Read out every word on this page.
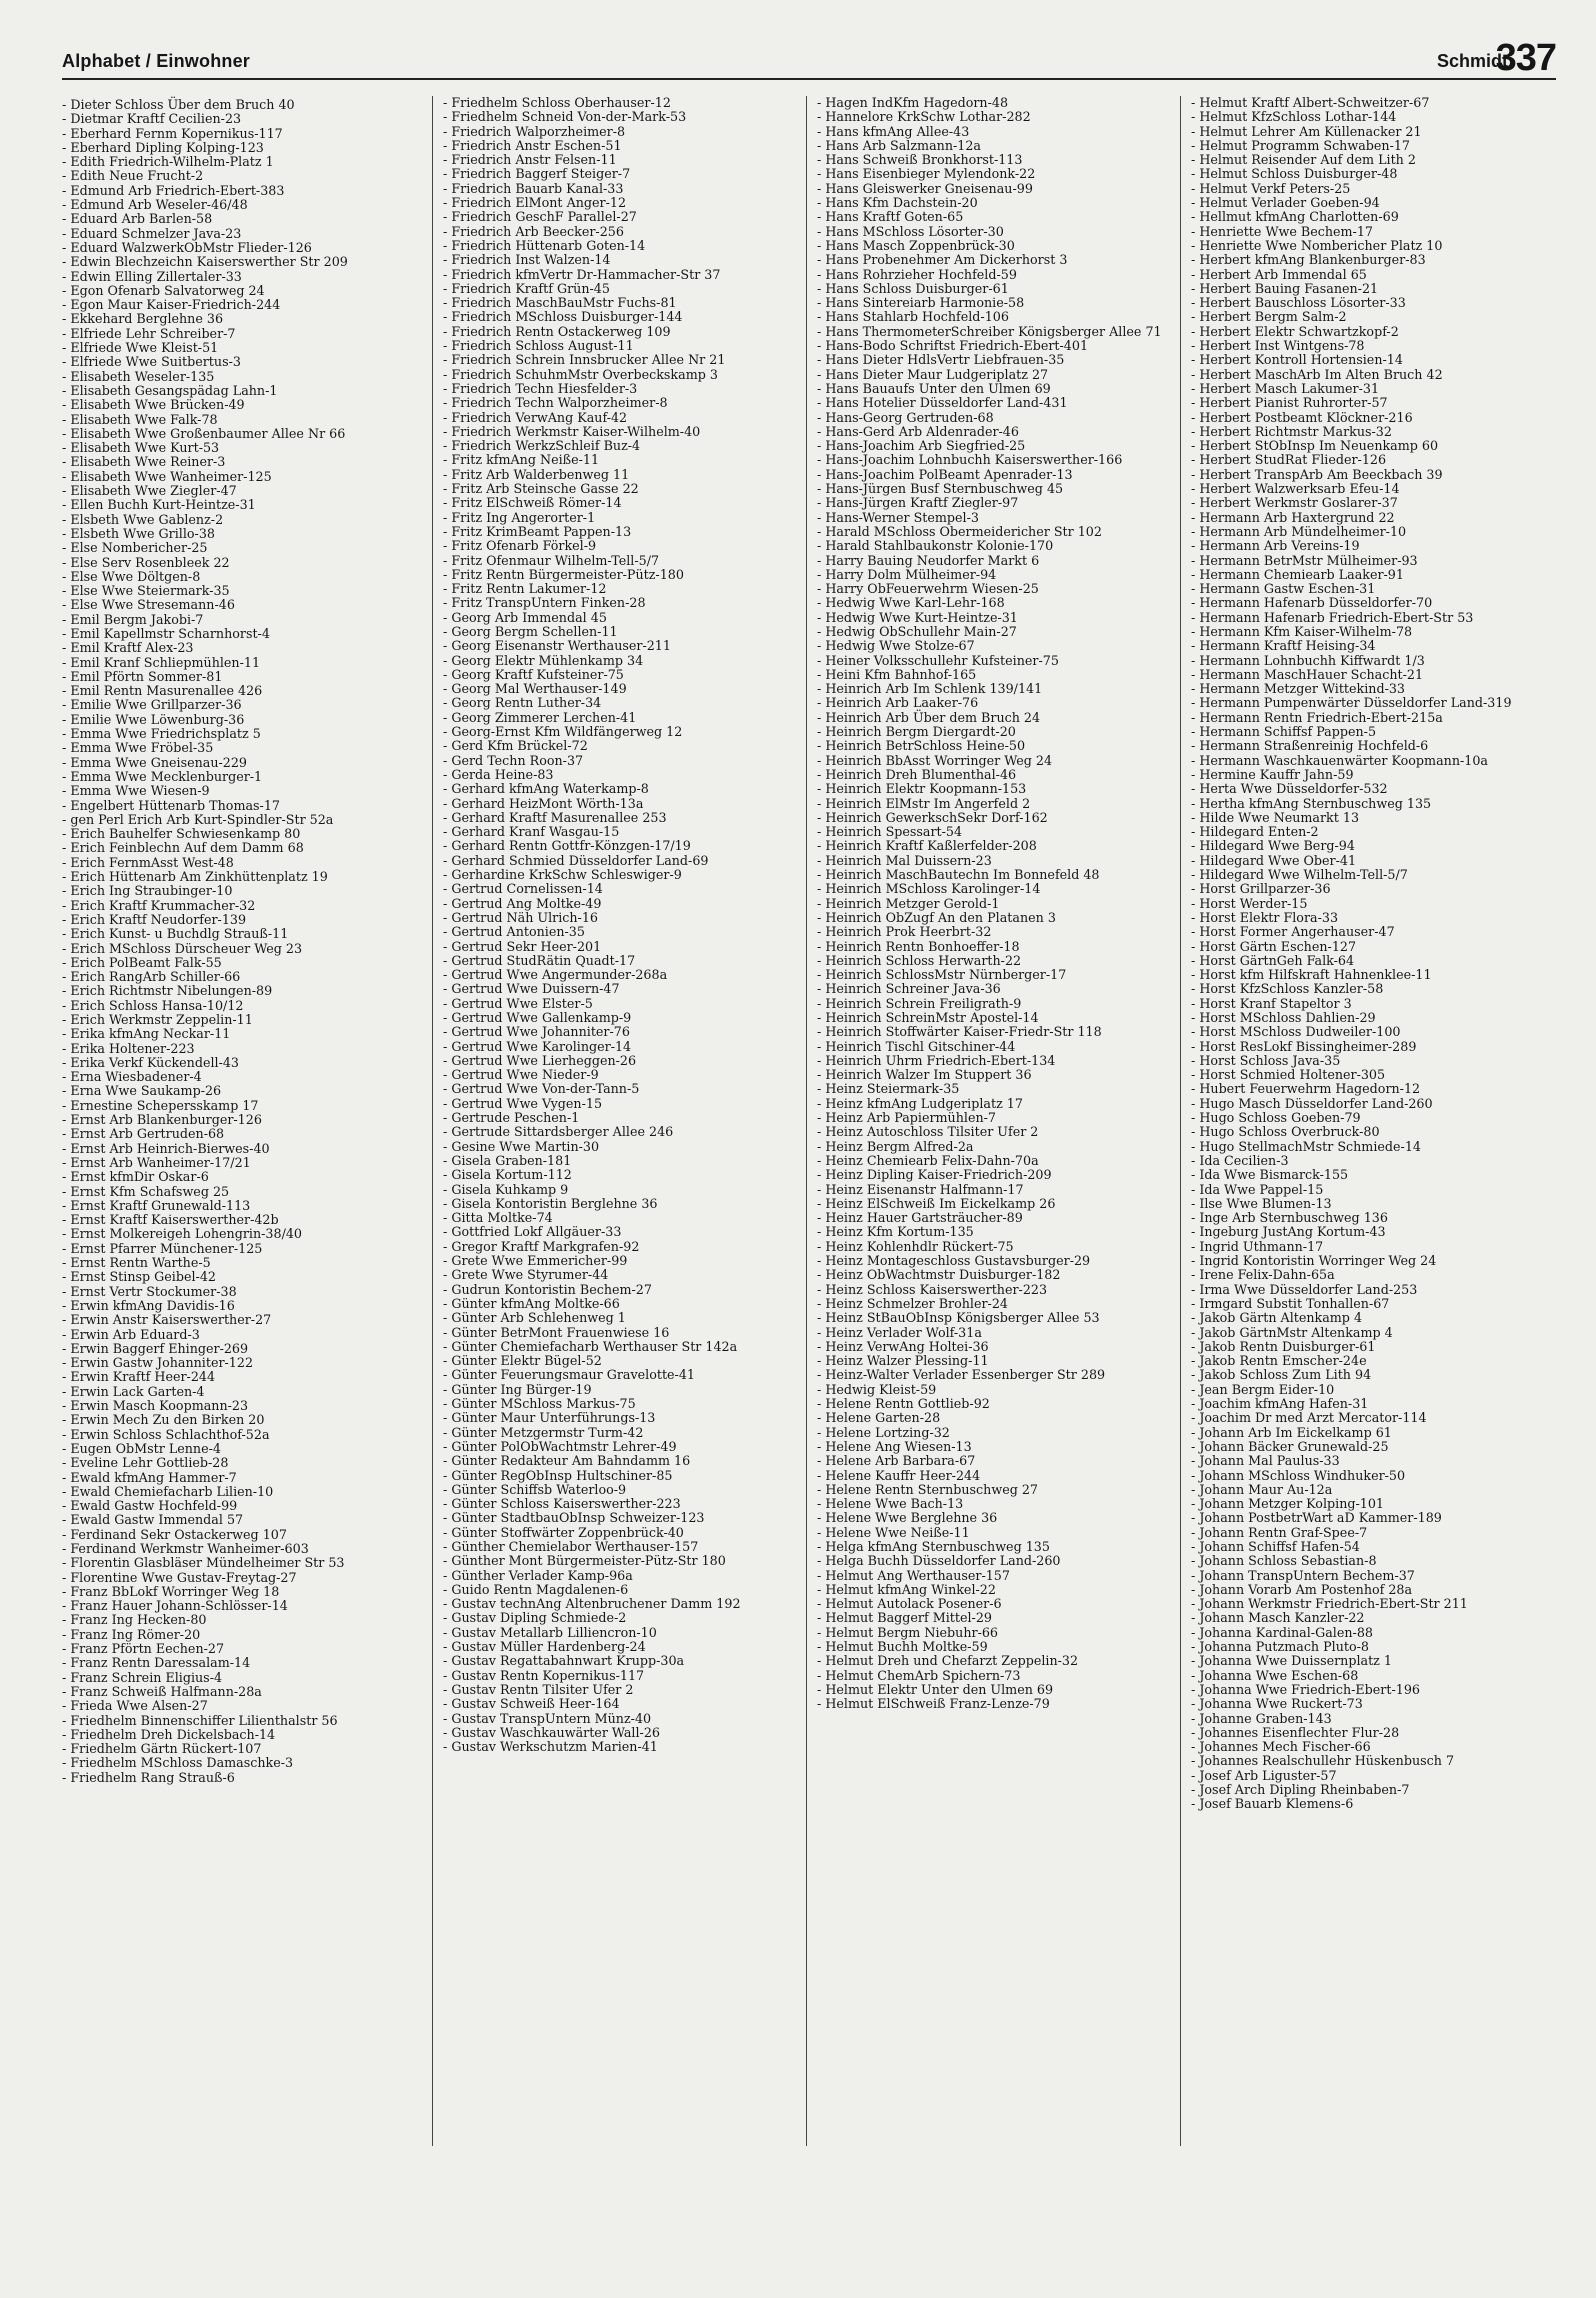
Alphabet / Einwohner	Schmidt
337
- Dieter Schloss Über dem Bruch 40
- Dietmar Kraftf Cecilien-23
- Eberhard Fernm Kopernikus-117
- Eberhard Dipling Kolping-123
- Edith Friedrich-Wilhelm-Platz 1
- Edith Neue Frucht-2
- Edmund Arb Friedrich-Ebert-383
- Edmund Arb Weseler-46/48
- Eduard Arb Barlen-58
- Eduard Schmelzer Java-23
- Eduard WalzwerkObMstr Flieder-126
- Edwin Blechzeichn Kaiserswerther Str 209
- Edwin Elling Zillertaler-33
- Egon Ofenarb Salvatorweg 24
- Egon Maur Kaiser-Friedrich-244
- Ekkehard Berglehne 36
- Elfriede Lehr Schreiber-7
- Elfriede Wwe Kleist-51
- Elfriede Wwe Suitbertus-3
- Elisabeth Weseler-135
- Elisabeth Gesangspädag Lahn-1
- Elisabeth Wwe Brücken-49
- Elisabeth Wwe Falk-78
- Elisabeth Wwe Großenbaumer Allee Nr 66
- Elisabeth Wwe Kurt-53
- Elisabeth Wwe Reiner-3
- Elisabeth Wwe Wanheimer-125
- Elisabeth Wwe Ziegler-47
- Ellen Buchh Kurt-Heintze-31
- Elsbeth Wwe Gablenz-2
- Elsbeth Wwe Grillo-38
- Else Nombericher-25
- Else Serv Rosenbleek 22
- Else Wwe Döltgen-8
- Else Wwe Steiermark-35
- Else Wwe Stresemann-46
- Emil Bergm Jakobi-7
- Emil Kapellmstr Scharnhorst-4
- Emil Kraftf Alex-23
- Emil Kranf Schliepmühlen-11
- Emil Pförtn Sommer-81
- Emil Rentn Masurenallee 426
- Emilie Wwe Grillparzer-36
- Emilie Wwe Löwenburg-36
- Emma Wwe Friedrichsplatz 5
- Emma Wwe Fröbel-35
- Emma Wwe Gneisenau-229
- Emma Wwe Mecklenburger-1
- Emma Wwe Wiesen-9
- Engelbert Hüttenarb Thomas-17
- gen Perl Erich Arb Kurt-Spindler-Str 52a
- Erich Bauhelfer Schwiesenkamp 80
- Erich Feinblechn Auf dem Damm 68
- Erich FernmAsst West-48
- Erich Hüttenarb Am Zinkhüttenplatz 19
- Erich Ing Straubinger-10
- Erich Kraftf Krummacher-32
- Erich Kraftf Neudorfer-139
- Erich Kunst- u Buchdlg Strauß-11
- Erich MSchloss Dürscheuer Weg 23
- Erich PolBeamt Falk-55
- Erich RangArb Schiller-66
- Erich Richtmstr Nibelungen-89
- Erich Schloss Hansa-10/12
- Erich Werkmstr Zeppelin-11
- Erika kfmAng Neckar-11
- Erika Holtener-223
- Erika Verkf Kückendell-43
- Erna Wiesbadener-4
- Erna Wwe Saukamp-26
- Ernestine Schepersskamp 17
- Ernst Arb Blankenburger-126
- Ernst Arb Gertruden-68
- Ernst Arb Heinrich-Bierwes-40
- Ernst Arb Wanheimer-17/21
- Ernst kfmDir Oskar-6
- Ernst Kfm Schafsweg 25
- Ernst Kraftf Grunewald-113
- Ernst Kraftf Kaiserswerther-42b
- Ernst Molkereigeh Lohengrin-38/40
- Ernst Pfarrer Münchener-125
- Ernst Rentn Warthe-5
- Ernst Stinsp Geibel-42
- Ernst Vertr Stockumer-38
- Erwin kfmAng Davidis-16
- Erwin Anstr Kaiserswerther-27
- Erwin Arb Eduard-3
- Erwin Baggerf Ehinger-269
- Erwin Gastw Johanniter-122
- Erwin Kraftf Heer-244
- Erwin Lack Garten-4
- Erwin Masch Koopmann-23
- Erwin Mech Zu den Birken 20
- Erwin Schloss Schlachthof-52a
- Eugen ObMstr Lenne-4
- Eveline Lehr Gottlieb-28
- Ewald kfmAng Hammer-7
- Ewald Chemiefacharb Lilien-10
- Ewald Gastw Hochfeld-99
- Ewald Gastw Immendal 57
- Ferdinand Sekr Ostackerweg 107
- Ferdinand Werkmstr Wanheimer-603
- Florentin Glasbläser Mündelheimer Str 53
- Florentine Wwe Gustav-Freytag-27
- Franz BbLokf Worringer Weg 18
- Franz Hauer Johann-Schlösser-14
- Franz Ing Hecken-80
- Franz Ing Römer-20
- Franz Pförtn Eechen-27
- Franz Rentn Daressalam-14
- Franz Schrein Eligius-4
- Franz Schweiß Halfmann-28a
- Frieda Wwe Alsen-27
- Friedhelm Binnenschiffer Lilienthalstr 56
- Friedhelm Dreh Dickelsbach-14
- Friedhelm Gärtn Rückert-107
- Friedhelm MSchloss Damaschke-3
- Friedhelm Rang Strauß-6
- Friedhelm Schloss Oberhauser-12
- Friedhelm Schneid Von-der-Mark-53
- Friedrich Walporzheimer-8
- Friedrich Anstr Eschen-51
- Friedrich Anstr Felsen-11
- Friedrich Baggerf Steiger-7
- Friedrich Bauarb Kanal-33
- Friedrich ElMont Anger-12
- Friedrich GeschF Parallel-27
- Friedrich Arb Beecker-256
- Friedrich Hüttenarb Goten-14
- Friedrich Inst Walzen-14
- Friedrich kfmVertr Dr-Hammacher-Str 37
- Friedrich Kraftf Grün-45
- Friedrich MaschBauMstr Fuchs-81
- Friedrich MSchloss Duisburger-144
- Friedrich Rentn Ostackerweg 109
- Friedrich Schloss August-11
- Friedrich Schrein Innsbrucker Allee Nr 21
- Friedrich SchuhmMstr Overbeckskamp 3
- Friedrich Techn Hiesfelder-3
- Friedrich Techn Walporzheimer-8
- Friedrich VerwAng Kauf-42
- Friedrich Werkmstr Kaiser-Wilhelm-40
- Friedrich WerkzSchleif Buz-4
- Fritz kfmAng Neiße-11
- Fritz Arb Walderbenweg 11
- Fritz Arb Steinsche Gasse 22
- Fritz ElSchweiß Römer-14
- Fritz Ing Angerorter-1
- Fritz KrimBeamt Pappen-13
- Fritz Ofenarb Förkel-9
- Fritz Ofenmaur Wilhelm-Tell-5/7
- Fritz Rentn Bürgermeister-Pütz-180
- Fritz Rentn Lakumer-12
- Fritz TranspUntern Finken-28
- Georg Arb Immendal 45
- Georg Bergm Schellen-11
- Georg Eisenanstr Werthauser-211
- Georg Elektr Mühlenkamp 34
- Georg Kraftf Kufsteiner-75
- Georg Mal Werthauser-149
- Georg Rentn Luther-34
- Georg Zimmerer Lerchen-41
- Georg-Ernst Kfm Wildfängerweg 12
- Gerd Kfm Brückel-72
- Gerd Techn Roon-37
- Gerda Heine-83
- Gerhard kfmAng Waterkamp-8
- Gerhard HeizMont Wörth-13a
- Gerhard Kraftf Masurenallee 253
- Gerhard Kranf Wasgau-15
- Gerhard Rentn Gottfr-Könzgen-17/19
- Gerhard Schmied Düsseldorfer Land-69
- Gerhardine KrkSchw Schleswiger-9
- Gertrud Cornelissen-14
- Gertrud Ang Moltke-49
- Gertrud Näh Ulrich-16
- Gertrud Antonien-35
- Gertrud Sekr Heer-201
- Gertrud StudRätin Quadt-17
- Gertrud Wwe Angermunder-268a
- Gertrud Wwe Duissern-47
- Gertrud Wwe Elster-5
- Gertrud Wwe Gallenkamp-9
- Gertrud Wwe Johanniter-76
- Gertrud Wwe Karolinger-14
- Gertrud Wwe Lierheggen-26
- Gertrud Wwe Nieder-9
- Gertrud Wwe Von-der-Tann-5
- Gertrud Wwe Vygen-15
- Gertrude Peschen-1
- Gertrude Sittardsberger Allee 246
- Gesine Wwe Martin-30
- Gisela Graben-181
- Gisela Kortum-112
- Gisela Kuhkamp 9
- Gisela Kontoristin Berglehne 36
- Gitta Moltke-74
- Gottfried Lokf Allgäuer-33
- Gregor Kraftf Markgrafen-92
- Grete Wwe Emmericher-99
- Grete Wwe Styrumer-44
- Gudrun Kontoristin Bechem-27
- Günter kfmAng Moltke-66
- Günter Arb Schlehenweg 1
- Günter BetrMont Frauenwiese 16
- Günter Chemiefacharb Werthauser Str 142a
- Günter Elektr Bügel-52
- Günter Feuerungsmaur Gravelotte-41
- Günter Ing Bürger-19
- Günter MSchloss Markus-75
- Günter Maur Unterführungs-13
- Günter Metzgermstr Turm-42
- Günter PolObWachtmstr Lehrer-49
- Günter Redakteur Am Bahndamm 16
- Günter RegObInsp Hultschiner-85
- Günter Schiffsb Waterloo-9
- Günter Schloss Kaiserswerther-223
- Günter StadtbauObInsp Schweizer-123
- Günter Stoffwärter Zoppenbrück-40
- Günther Chemielabor Werthauser-157
- Günther Mont Bürgermeister-Pütz-Str 180
- Günther Verlader Kamp-96a
- Guido Rentn Magdalenen-6
- Gustav technAng Altenbruchener Damm 192
- Gustav Dipling Schmiede-2
- Gustav Metallarb Lilliencron-10
- Gustav Müller Hardenberg-24
- Gustav Regattabahnwart Krupp-30a
- Gustav Rentn Kopernikus-117
- Gustav Rentn Tilsiter Ufer 2
- Gustav Schweiß Heer-164
- Gustav TranspUntern Münz-40
- Gustav Waschkauwärter Wall-26
- Gustav Werkschutzm Marien-41
- Hagen IndKfm Hagedorn-48
- Hannelore KrkSchw Lothar-282
- Hans kfmAng Allee-43
- Hans Arb Salzmann-12a
- Hans Schweiß Bronkhorst-113
- Hans Eisenbieger Mylendonk-22
- Hans Gleiswerker Gneisenau-99
- Hans Kfm Dachstein-20
- Hans Kraftf Goten-65
- Hans MSchloss Lösorter-30
- Hans Masch Zoppenbrück-30
- Hans Probenehmer Am Dickerhorst 3
- Hans Rohrzieher Hochfeld-59
- Hans Schloss Duisburger-61
- Hans Sintereiarb Harmonie-58
- Hans Stahlarb Hochfeld-106
- Hans ThermometerSchreiber Königsberger Allee 71
- Hans-Bodo Schriftst Friedrich-Ebert-401
- Hans Dieter HdlsVertr Liebfrauen-35
- Hans Dieter Maur Ludgeriplatz 27
- Hans Bauaufs Unter den Ulmen 69
- Hans Hotelier Düsseldorfer Land-431
- Hans-Georg Gertruden-68
- Hans-Gerd Arb Aldenrader-46
- Hans-Joachim Arb Siegfried-25
- Hans-Joachim Lohnbuchh Kaiserswerther-166
- Hans-Joachim PolBeamt Apenrader-13
- Hans-Jürgen Busf Sternbuschweg 45
- Hans-Jürgen Kraftf Ziegler-97
- Hans-Werner Stempel-3
- Harald MSchloss Obermeidericher Str 102
- Harald Stahlbaukonstr Kolonie-170
- Harry Bauing Neudorfer Markt 6
- Harry Dolm Mülheimer-94
- Harry ObFeuerwehrm Wiesen-25
- Hedwig Wwe Karl-Lehr-168
- Hedwig Wwe Kurt-Heintze-31
- Hedwig ObSchullehr Main-27
- Hedwig Wwe Stolze-67
- Heiner Volksschullehr Kufsteiner-75
- Heini Kfm Bahnhof-165
- Heinrich Arb Im Schlenk 139/141
- Heinrich Arb Laaker-76
- Heinrich Arb Über dem Bruch 24
- Heinrich Bergm Diergardt-20
- Heinrich BetrSchloss Heine-50
- Heinrich BbAsst Worringer Weg 24
- Heinrich Dreh Blumenthal-46
- Heinrich Elektr Koopmann-153
- Heinrich ElMstr Im Angerfeld 2
- Heinrich GewerkschSekr Dorf-162
- Heinrich Spessart-54
- Heinrich Kraftf Kaßlerfelder-208
- Heinrich Mal Duissern-23
- Heinrich MaschBautechn Im Bonnefeld 48
- Heinrich MSchloss Karolinger-14
- Heinrich Metzger Gerold-1
- Heinrich ObZugf An den Platanen 3
- Heinrich Prok Heerbrt-32
- Heinrich Rentn Bonhoeffer-18
- Heinrich Schloss Herwarth-22
- Heinrich SchlossMstr Nürnberger-17
- Heinrich Schreiner Java-36
- Heinrich Schrein Freiligrath-9
- Heinrich SchreinMstr Apostel-14
- Heinrich Stoffwärter Kaiser-Friedr-Str 118
- Heinrich Tischl Gitschiner-44
- Heinrich Uhrm Friedrich-Ebert-134
- Heinrich Walzer Im Stuppert 36
- Heinz Steiermark-35
- Heinz kfmAng Ludgeriplatz 17
- Heinz Arb Papiermühlen-7
- Heinz Autoschloss Tilsiter Ufer 2
- Heinz Bergm Alfred-2a
- Heinz Chemiearb Felix-Dahn-70a
- Heinz Dipling Kaiser-Friedrich-209
- Heinz Eisenanstr Halfmann-17
- Heinz ElSchweiß Im Eickelkamp 26
- Heinz Hauer Gartsträucher-89
- Heinz Kfm Kortum-135
- Heinz Kohlenhdlr Rückert-75
- Heinz Montageschloss Gustavsburger-29
- Heinz ObWachtmstr Duisburger-182
- Heinz Schloss Kaiserswerther-223
- Heinz Schmelzer Brohler-24
- Heinz StBauObInsp Königsberger Allee 53
- Heinz Verlader Wolf-31a
- Heinz VerwAng Holtei-36
- Heinz Walzer Plessing-11
- Heinz-Walter Verlader Essenberger Str 289
- Hedwig Kleist-59
- Helene Rentn Gottlieb-92
- Helene Garten-28
- Helene Lortzing-32
- Helene Ang Wiesen-13
- Helene Arb Barbara-67
- Helene Kauffr Heer-244
- Helene Rentn Sternbuschweg 27
- Helene Wwe Bach-13
- Helene Wwe Berglehne 36
- Helene Wwe Neiße-11
- Helga kfmAng Sternbuschweg 135
- Helga Buchh Düsseldorfer Land-260
- Helmut Ang Werthauser-157
- Helmut kfmAng Winkel-22
- Helmut Autolack Posener-6
- Helmut Baggerf Mittel-29
- Helmut Bergm Niebuhr-66
- Helmut Buchh Moltke-59
- Helmut Dreh und Chefarzt Zeppelin-32
- Helmut ChemArb Spichern-73
- Helmut Elektr Unter den Ulmen 69
- Helmut ElSchweiß Franz-Lenze-79
- Helmut Kraftf Albert-Schweitzer-67
- Helmut KfzSchloss Lothar-144
- Helmut Lehrer Am Küllenacker 21
- Helmut Programm Schwaben-17
- Helmut Reisender Auf dem Lith 2
- Helmut Schloss Duisburger-48
- Helmut Verkf Peters-25
- Helmut Verlader Goeben-94
- Hellmut kfmAng Charlotten-69
- Henriette Wwe Bechem-17
- Henriette Wwe Nombericher Platz 10
- Herbert kfmAng Blankenburger-83
- Herbert Arb Immendal 65
- Herbert Bauing Fasanen-21
- Herbert Bauschloss Lösorter-33
- Herbert Bergm Salm-2
- Herbert Elektr Schwartzkopf-2
- Herbert Inst Wintgens-78
- Herbert Kontroll Hortensien-14
- Herbert MaschArb Im Alten Bruch 42
- Herbert Masch Lakumer-31
- Herbert Pianist Ruhrorter-57
- Herbert Postbeamt Klöckner-216
- Herbert Richtmstr Markus-32
- Herbert StObInsp Im Neuenkamp 60
- Herbert StudRat Flieder-126
- Herbert TranspArb Am Beeckbach 39
- Herbert Walzwerksarb Efeu-14
- Herbert Werkmstr Goslarer-37
- Hermann Arb Haxtergrund 22
- Hermann Arb Mündelheimer-10
- Hermann Arb Vereins-19
- Hermann BetrMstr Mülheimer-93
- Hermann Chemiearb Laaker-91
- Hermann Gastw Eschen-31
- Hermann Hafenarb Düsseldorfer-70
- Hermann Hafenarb Friedrich-Ebert-Str 53
- Hermann Kfm Kaiser-Wilhelm-78
- Hermann Kraftf Heising-34
- Hermann Lohnbuchh Kiffwardt 1/3
- Hermann MaschHauer Schacht-21
- Hermann Metzger Wittekind-33
- Hermann Pumpenwärter Düsseldorfer Land-319
- Hermann Rentn Friedrich-Ebert-215a
- Hermann Schiffsf Pappen-5
- Hermann Straßenreinig Hochfeld-6
- Hermann Waschkauenwärter Koopmann-10a
- Hermine Kauffr Jahn-59
- Herta Wwe Düsseldorfer-532
- Hertha kfmAng Sternbuschweg 135
- Hilde Wwe Neumarkt 13
- Hildegard Enten-2
- Hildegard Wwe Berg-94
- Hildegard Wwe Ober-41
- Hildegard Wwe Wilhelm-Tell-5/7
- Horst Grillparzer-36
- Horst Werder-15
- Horst Elektr Flora-33
- Horst Former Angerhauser-47
- Horst Gärtn Eschen-127
- Horst GärtnGeh Falk-64
- Horst kfm Hilfskraft Hahnenklee-11
- Horst KfzSchloss Kanzler-58
- Horst Kranf Stapeltor 3
- Horst MSchloss Dahlien-29
- Horst MSchloss Dudweiler-100
- Horst ResLokf Bissingheimer-289
- Horst Schloss Java-35
- Horst Schmied Holtener-305
- Hubert Feuerwehrm Hagedorn-12
- Hugo Masch Düsseldorfer Land-260
- Hugo Schloss Goeben-79
- Hugo Schloss Overbruck-80
- Hugo StellmachMstr Schmiede-14
- Ida Cecilien-3
- Ida Wwe Bismarck-155
- Ida Wwe Pappel-15
- Ilse Wwe Blumen-13
- Inge Arb Sternbuschweg 136
- Ingeburg JustAng Kortum-43
- Ingrid Uthmann-17
- Ingrid Kontoristin Worringer Weg 24
- Irene Felix-Dahn-65a
- Irma Wwe Düsseldorfer Land-253
- Irmgard Substit Tonhallen-67
- Jakob Gärtn Altenkamp 4
- Jakob GärtnMstr Altenkamp 4
- Jakob Rentn Duisburger-61
- Jakob Rentn Emscher-24e
- Jakob Schloss Zum Lith 94
- Jean Bergm Eider-10
- Joachim kfmAng Hafen-31
- Joachim Dr med Arzt Mercator-114
- Johann Arb Im Eickelkamp 61
- Johann Bäcker Grunewald-25
- Johann Mal Paulus-33
- Johann MSchloss Windhuker-50
- Johann Maur Au-12a
- Johann Metzger Kolping-101
- Johann PostbetrWart aD Kammer-189
- Johann Rentn Graf-Spee-7
- Johann Schiffsf Hafen-54
- Johann Schloss Sebastian-8
- Johann TranspUntern Bechem-37
- Johann Vorarb Am Postenhof 28a
- Johann Werkmstr Friedrich-Ebert-Str 211
- Johann Masch Kanzler-22
- Johanna Kardinal-Galen-88
- Johanna Putzmach Pluto-8
- Johanna Wwe Duissernplatz 1
- Johanna Wwe Eschen-68
- Johanna Wwe Friedrich-Ebert-196
- Johanna Wwe Ruckert-73
- Johanne Graben-143
- Johannes Eisenflechter Flur-28
- Johannes Mech Fischer-66
- Johannes Realschullehr Hüskenbusch 7
- Josef Arb Liguster-57
- Josef Arch Dipling Rheinbaben-7
- Josef Bauarb Klemens-6
